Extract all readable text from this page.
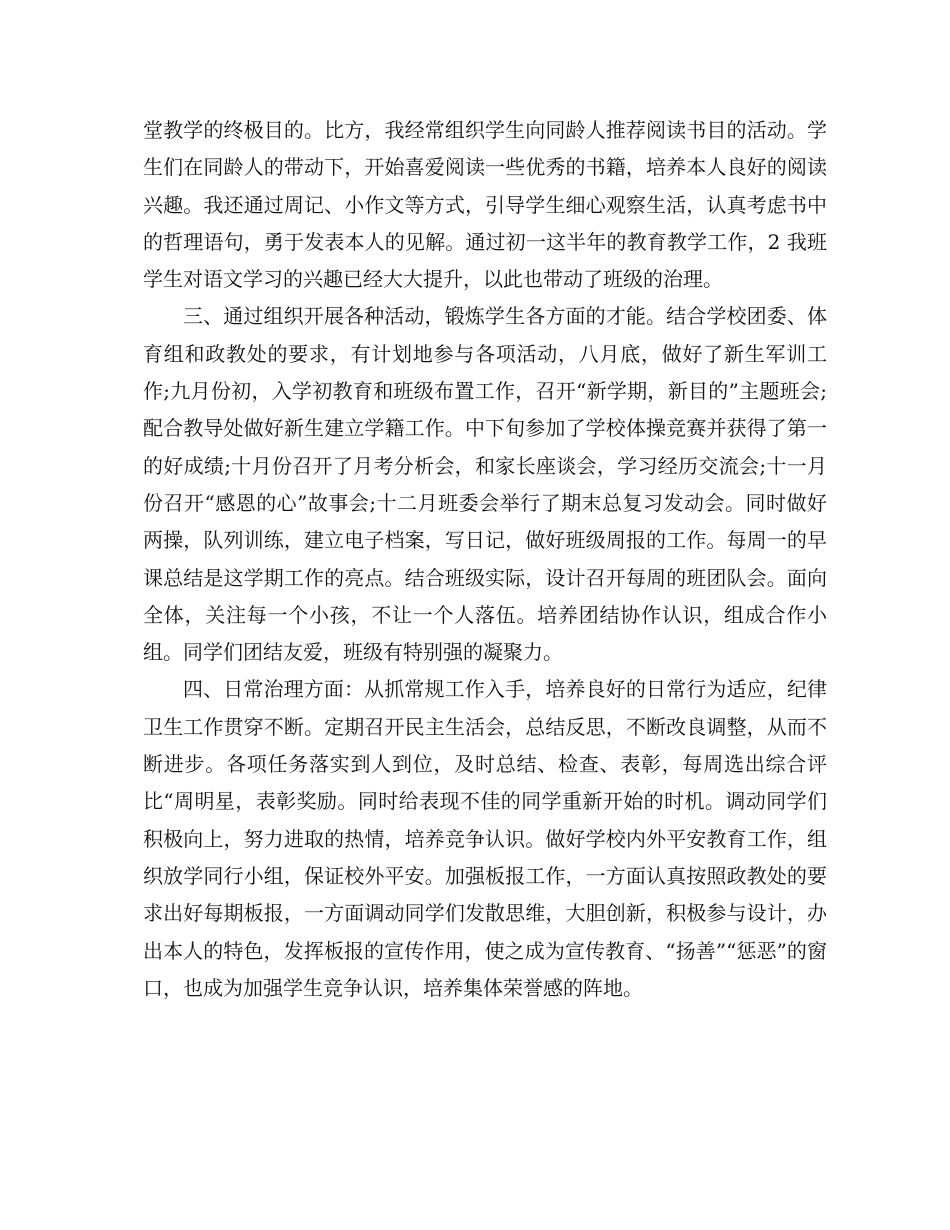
堂教学的终极目的。比方，我经常组织学生向同龄人推荐阅读书目的活动。学生们在同龄人的带动下，开始喜爱阅读一些优秀的书籍，培养本人良好的阅读兴趣。我还通过周记、小作文等方式，引导学生细心观察生活，认真考虑书中的哲理语句，勇于发表本人的见解。通过初一这半年的教育教学工作，2 我班学生对语文学习的兴趣已经大大提升，以此也带动了班级的治理。

三、通过组织开展各种活动，锻炼学生各方面的才能。结合学校团委、体育组和政教处的要求，有计划地参与各项活动，八月底，做好了新生军训工作;九月份初，入学初教育和班级布置工作，召开“新学期，新目的”主题班会;配合教导处做好新生建立学籍工作。中下旬参加了学校体操竞赛并获得了第一的好成绩;十月份召开了月考分析会，和家长座谈会，学习经历交流会;十一月份召开“感恩的心”故事会;十二月班委会举行了期末总复习发动会。同时做好两操，队列训练，建立电子档案，写日记，做好班级周报的工作。每周一的早课总结是这学期工作的亮点。结合班级实际，设计召开每周的班团队会。面向全体，关注每一个小孩，不让一个人落伍。培养团结协作认识，组成合作小组。同学们团结友爱，班级有特别强的凝聚力。

四、日常治理方面：从抓常规工作入手，培养良好的日常行为适应，纪律卫生工作贯穿不断。定期召开民主生活会，总结反思，不断改良调整，从而不断进步。各项任务落实到人到位，及时总结、检查、表彰，每周选出综合评比“周明星，表彰奖励。同时给表现不佳的同学重新开始的时机。调动同学们积极向上，努力进取的热情，培养竞争认识。做好学校内外平安教育工作，组织放学同行小组，保证校外平安。加强板报工作，一方面认真按照政教处的要求出好每期板报，一方面调动同学们发散思维，大胆创新，积极参与设计，办出本人的特色，发挥板报的宣传作用，使之成为宣传教育、“扬善”“惩恶”的窗口，也成为加强学生竞争认识，培养集体荣誉感的阵地。
